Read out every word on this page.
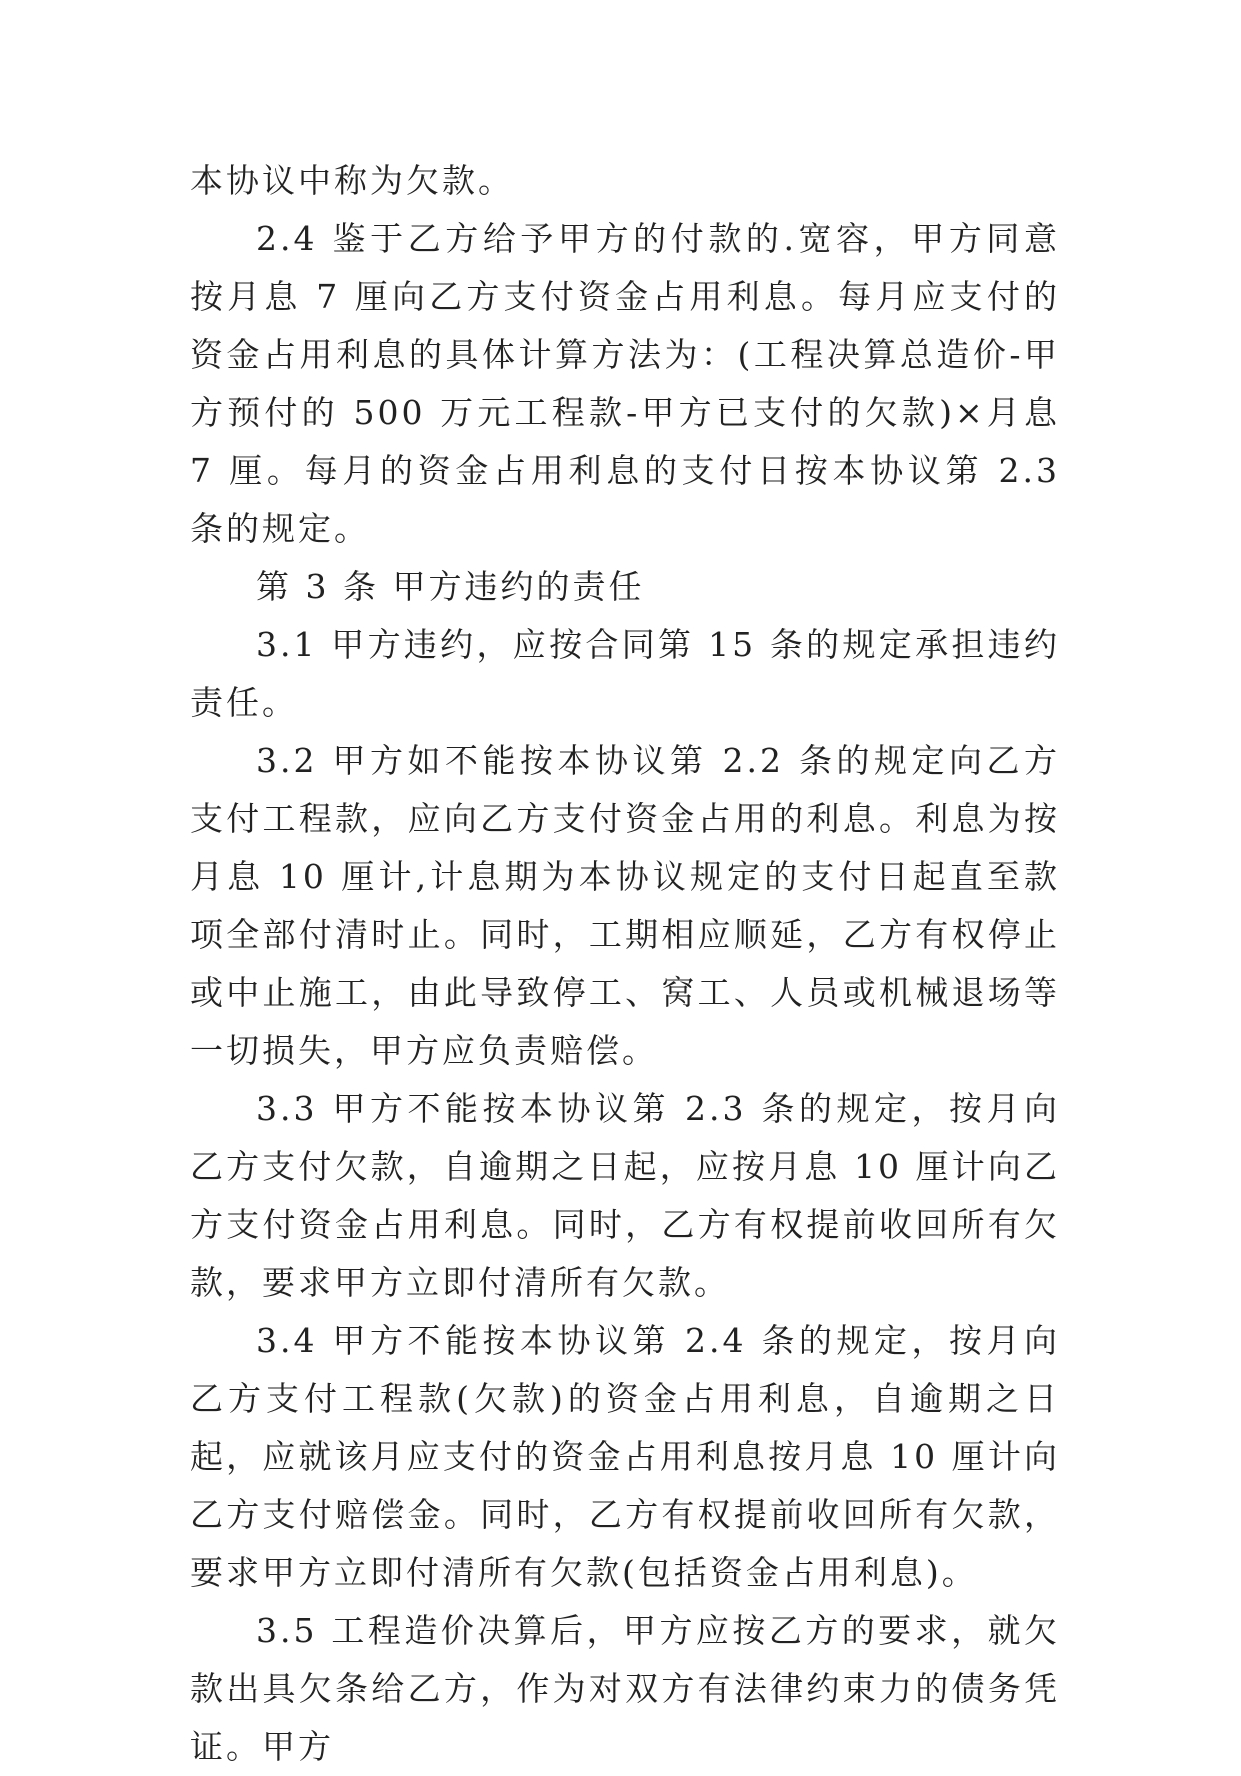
本协议中称为欠款。

2.4 鉴于乙方给予甲方的付款的.宽容，甲方同意按月息 7 厘向乙方支付资金占用利息。每月应支付的资金占用利息的具体计算方法为：(工程决算总造价-甲方预付的 500 万元工程款-甲方已支付的欠款)×月息 7 厘。每月的资金占用利息的支付日按本协议第 2.3 条的规定。

第 3 条 甲方违约的责任

3.1 甲方违约，应按合同第 15 条的规定承担违约责任。

3.2 甲方如不能按本协议第 2.2 条的规定向乙方支付工程款，应向乙方支付资金占用的利息。利息为按月息 10 厘计,计息期为本协议规定的支付日起直至款项全部付清时止。同时，工期相应顺延，乙方有权停止或中止施工，由此导致停工、窝工、人员或机械退场等一切损失，甲方应负责赔偿。

3.3 甲方不能按本协议第 2.3 条的规定，按月向乙方支付欠款，自逾期之日起，应按月息 10 厘计向乙方支付资金占用利息。同时，乙方有权提前收回所有欠款，要求甲方立即付清所有欠款。

3.4 甲方不能按本协议第 2.4 条的规定，按月向乙方支付工程款(欠款)的资金占用利息，自逾期之日起，应就该月应支付的资金占用利息按月息 10 厘计向乙方支付赔偿金。同时，乙方有权提前收回所有欠款，要求甲方立即付清所有欠款(包括资金占用利息)。

3.5 工程造价决算后，甲方应按乙方的要求，就欠款出具欠条给乙方，作为对双方有法律约束力的债务凭证。甲方
